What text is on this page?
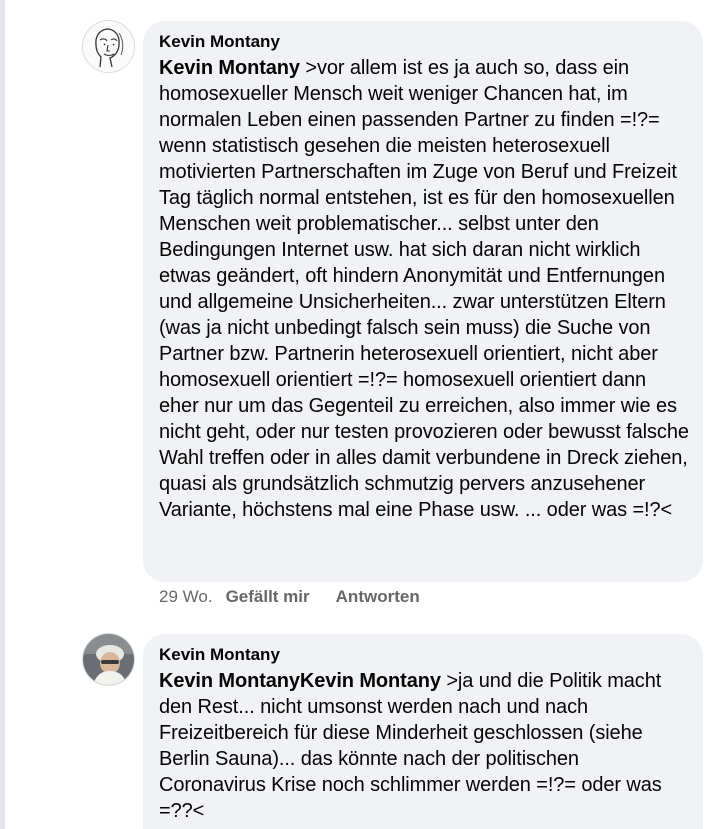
Kevin Montany
Kevin Montany >vor allem ist es ja auch so, dass ein homosexueller Mensch weit weniger Chancen hat, im normalen Leben einen passenden Partner zu finden =!?= wenn statistisch gesehen die meisten heterosexuell motivierten Partnerschaften im Zuge von Beruf und Freizeit Tag täglich normal entstehen, ist es für den homosexuellen Menschen weit problematischer... selbst unter den Bedingungen Internet usw. hat sich daran nicht wirklich etwas geändert, oft hindern Anonymität und Entfernungen und allgemeine Unsicherheiten... zwar unterstützen Eltern (was ja nicht unbedingt falsch sein muss) die Suche von Partner bzw. Partnerin heterosexuell orientiert, nicht aber homosexuell orientiert =!?= homosexuell orientiert dann eher nur um das Gegenteil zu erreichen, also immer wie es nicht geht, oder nur testen provozieren oder bewusst falsche Wahl treffen oder in alles damit verbundene in Dreck ziehen, quasi als grundsätzlich schmutzig pervers anzusehener Variante, höchstens mal eine Phase usw. ... oder was =!?<
29 Wo. Gefällt mir Antworten
Kevin Montany
Kevin MontanyKevin Montany >ja und die Politik macht den Rest... nicht umsonst werden nach und nach Freizeitbereich für diese Minderheit geschlossen (siehe Berlin Sauna)... das könnte nach der politischen Coronavirus Krise noch schlimmer werden =!?= oder was =??<
